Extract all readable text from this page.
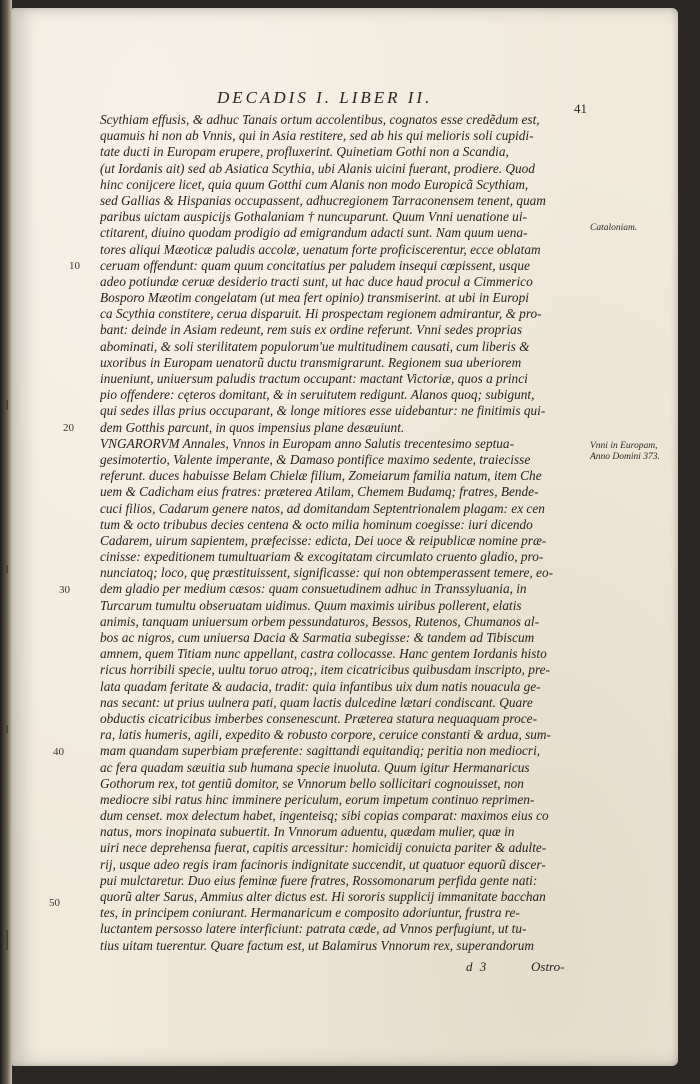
DECADIS I. LIBER II.
41
Scythiam effusis, & adhuc Tanais ortum accolentibus, cognatos esse credẽdum est,
quamuis hi non ab Vnnis, qui in Asia restitere, sed ab his qui melioris soli cupidi-
tate ducti in Europam erupere, profluxerint. Quinetiam Gothi non a Scandia,
(ut Iordanis ait) sed ab Asiatica Scythia, ubi Alanis uicini fuerant, prodiere. Quod
hinc conijcere licet, quia quum Gotthi cum Alanis non modo Europicã Scythiam,
sed Gallias & Hispanias occupassent, adhucregionem Tarraconensem tenent, quam
paribus uictam auspicijs Gothalaniam † nuncuparunt. Quum Vnni uenatione ui-
ctitarent, diuino quodam prodigio ad emigrandum adacti sunt. Nam quum uena-
tores aliqui Mæoticæ paludis accolæ, uenatum forte proficiscerentur, ecce oblatam
ceruam offendunt: quam quum concitatius per paludem insequi cœpissent, usque
adeo potiundæ ceruæ desiderio tracti sunt, ut hac duce haud procul a Cimmerico
Bosporo Mæotim congelatam (ut mea fert opinio) transmiserint. at ubi in Europi
ca Scythia constitere, cerua disparuit. Hi prospectam regionem admirantur, & pro-
bant: deinde in Asiam redeunt, rem suis ex ordine referunt. Vnni sedes proprias
abominati, & soli sterilitatem populorum'ue multitudinem causati, cum liberis &
uxoribus in Europam uenatorũ ductu transmigrarunt. Regionem sua uberiorem
inueniunt, uniuersum paludis tractum occupant: mactant Victoriæ, quos a princi
pio offendere: cęteros domitant, & in seruitutem redigunt. Alanos quoq; subigunt,
qui sedes illas prius occuparant, & longe mitiores esse uidebantur: ne finitimis qui-
dem Gotthis parcunt, in quos impensius plane desæuiunt.
VNGARORVM Annales, Vnnos in Europam anno Salutis trecentesimo septua-
gesimotertio, Valente imperante, & Damaso pontifice maximo sedente, traiecisse
referunt. duces habuisse Belam Chielæ filium, Zomeiarum familia natum, item Che
uem & Cadicham eius fratres: præterea Atilam, Chemem Budamq; fratres, Bende-
cuci filios, Cadarum genere natos, ad domitandam Septentrionalem plagam: ex cen
tum & octo tribubus decies centena & octo milia hominum coegisse: iuri dicendo
Cadarem, uirum sapientem, præfecisse: edicta, Dei uoce & reipublicæ nomine præ-
cinisse: expeditionem tumultuariam & excogitatam circumlato cruento gladio, pro-
nunciatoq; loco, quę præstituissent, significasse: qui non obtemperassent temere, eo-
dem gladio per medium cæsos: quam consuetudinem adhuc in Transsyluania, in
Turcarum tumultu obseruatam uidimus. Quum maximis uiribus pollerent, elatis
animis, tanquam uniuersum orbem pessundaturos, Bessos, Rutenos, Chumanos al-
bos ac nigros, cum uniuersa Dacia & Sarmatia subegisse: & tandem ad Tibiscum
amnem, quem Titiam nunc appellant, castra collocasse. Hanc gentem Iordanis histo
ricus horribili specie, uultu toruo atroq;, item cicatricibus quibusdam inscripto, pre-
lata quadam feritate & audacia, tradit: quia infantibus uix dum natis nouacula ge-
nas secant: ut prius uulnera pati, quam lactis dulcedine lætari condiscant. Quare
obductis cicatricibus imberbes consenescunt. Præterea statura nequaquam proce-
ra, latis humeris, agili, expedito & robusto corpore, ceruice constanti & ardua, sum-
mam quandam superbiam præferente: sagittandi equitandiq; peritia non mediocri,
ac fera quadam sæuitia sub humana specie inuoluta. Quum igitur Hermanaricus
Gothorum rex, tot gentiũ domitor, se Vnnorum bello sollicitari cognouisset, non
mediocre sibi ratus hinc imminere periculum, eorum impetum continuo reprimen-
dum censet. mox delectum habet, ingenteisq; sibi copias comparat: maximos eius co
natus, mors inopinata subuertit. In Vnnorum aduentu, quædam mulier, quæ in
uiri nece deprehensa fuerat, capitis arcessitur: homicidij conuicta pariter & adulte-
rij, usque adeo regis iram facinoris indignitate succendit, ut quatuor equorũ discer-
pui mulctaretur. Duo eius feminæ fuere fratres, Rossomonarum perfida gente nati:
quorũ alter Sarus, Ammius alter dictus est. Hi sororis supplicij immanitate bacchan
tes, in principem coniurant. Hermanaricum e composito adoriuntur, frustra re-
luctantem persosso latere interficiunt: patrata cæde, ad Vnnos perfugiunt, ut tu-
tius uitam tuerentur. Quare factum est, ut Balamirus Vnnorum rex, superandorum
10
20
30
40
50
Cataloniam.
Vnni in Europam, Anno Domini 373.
d 3	Ostro-
